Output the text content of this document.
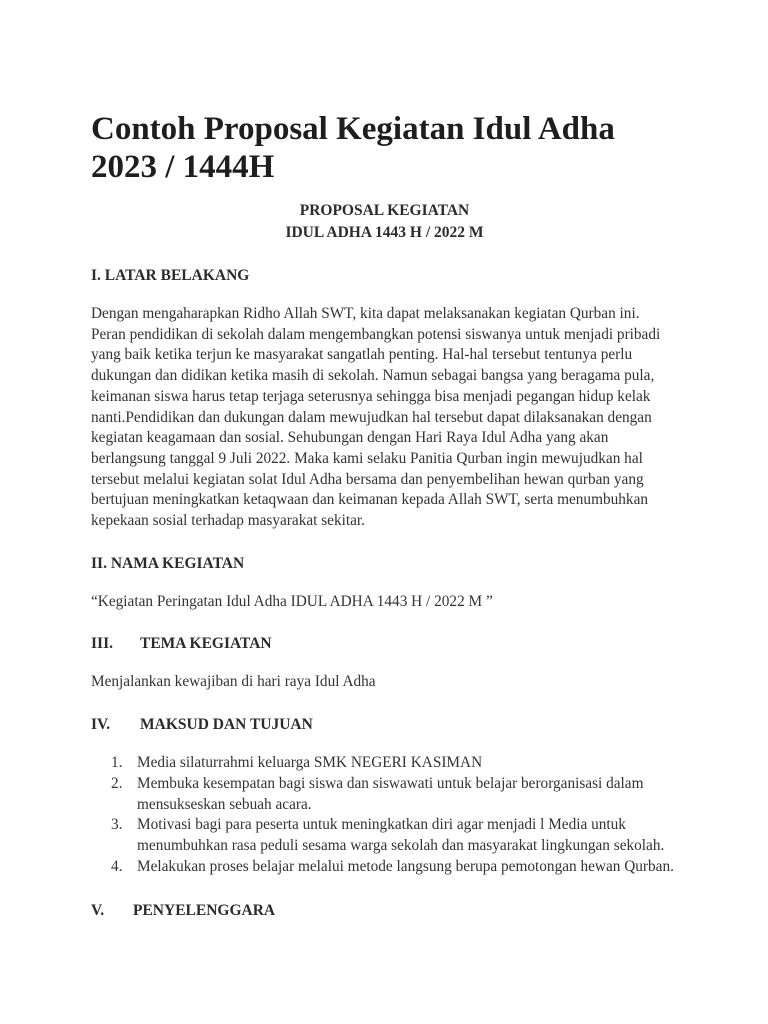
Contoh Proposal Kegiatan Idul Adha 2023 / 1444H
PROPOSAL KEGIATAN
IDUL ADHA 1443 H / 2022 M
I. LATAR BELAKANG
Dengan mengaharapkan Ridho Allah SWT, kita dapat melaksanakan kegiatan Qurban ini. Peran pendidikan di sekolah dalam mengembangkan potensi siswanya untuk menjadi pribadi yang baik ketika terjun ke masyarakat sangatlah penting. Hal-hal tersebut tentunya perlu dukungan dan didikan ketika masih di sekolah. Namun sebagai bangsa yang beragama pula, keimanan siswa harus tetap terjaga seterusnya sehingga bisa menjadi pegangan hidup kelak nanti.Pendidikan dan dukungan dalam mewujudkan hal tersebut dapat dilaksanakan dengan kegiatan keagamaan dan sosial. Sehubungan dengan Hari Raya Idul Adha yang akan berlangsung tanggal 9 Juli 2022. Maka kami selaku Panitia Qurban ingin mewujudkan hal tersebut melalui kegiatan solat Idul Adha bersama dan penyembelihan hewan qurban yang bertujuan meningkatkan ketaqwaan dan keimanan kepada Allah SWT, serta menumbuhkan kepekaan sosial terhadap masyarakat sekitar.
II. NAMA KEGIATAN
“Kegiatan Peringatan Idul Adha IDUL ADHA 1443 H / 2022 M ”
III. TEMA KEGIATAN
Menjalankan kewajiban di hari raya Idul Adha
IV. MAKSUD DAN TUJUAN
1. Media silaturrahmi keluarga SMK NEGERI KASIMAN
2. Membuka kesempatan bagi siswa dan siswawati untuk belajar berorganisasi dalam mensukseskan sebuah acara.
3. Motivasi bagi para peserta untuk meningkatkan diri agar menjadi l Media untuk menumbuhkan rasa peduli sesama warga sekolah dan masyarakat lingkungan sekolah.
4. Melakukan proses belajar melalui metode langsung berupa pemotongan hewan Qurban.
V. PENYELENGGARA
